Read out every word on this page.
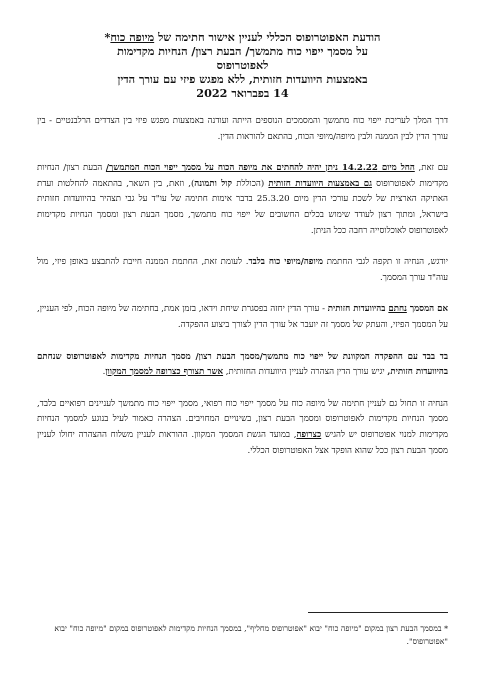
הודעת האפוטרופוס הכללי לעניין אישור חתימה של מיופה כוח*
על מסמך ייפוי כוח מתמשך/ הבעת רצון/ הנחיות מקדימות
לאפוטרופוס
באמצעות היוועדות חזותית, ללא מפגש פיזי עם עורך הדין
14 בפברואר 2022

דרך המלך לעריכת ייפוי כוח מתמשך והמסמכים הנוספים הייתה ועודנה באמצעות מפגש פיזי בין הצדדים הרלבנטיים - בין עורך הדין לבין הממנה ולבין מיופה/מיופי הכוח, בהתאם להוראות הדין.

עם זאת, החל מיום 14.2.22 ניתן יהיה להחתים את מיופה הכוח על מסמך ייפוי הכוח המתמשך/ הבעת רצון/ הנחיות מקדימות לאפוטרופוס גם באמצעות היוועדות חזותית (הכוללת קול ותמונה), וזאת, בין השאר, בהתאמה להחלטות ועדת האתיקה הארצית של לשכת עורכי הדין מיום 25.3.20 בדבר אימות חתימה של עו"ד על גבי תצהיר בהיוועדות חזותית בישראל, ומתוך רצון לעודד שימוש בכלים החשובים של ייפוי כוח מתמשך, מסמך הבעת רצון ומסמך הנחיות מקדימות לאפוטרופוס לאוכלוסייה רחבה ככל הניתן.

יודגש, הנחיה זו תקפה לגבי החתמת מיופה/מיופי כוח בלבד. לעומת זאת, החתמת הממנה חייבת להתבצע באופן פיזי, מול עוה"ד עורך המסמך.

אם המסמך נחתם בהיוועדות חזותית - עורך הדין יחזה בפסגרת שיחת וידאו, בזמן אמת, בחתימה של מיופה הכוח, לפי העניין, על המסמך הפיזי, והעתק של מסמך זה יועבר אל עורך הדין לצורך ביצוע ההפקדה.

בד בבד עם ההפקדה המקוונת של ייפוי כוח מתמשך/מסמך הבעת רצון/ מסמך הנחיות מקדימות לאפוטרופוס שנחתם בהיוועדות חזותית, יגיש עורך הדין הצהרה לעניין היוועדות החזותית, אשר תצורף כצרופה למסמך המקוון.

הנחיה זו תחול גם לעניין חתימה של מיופה כוח על מסמך ייפוי כוח רפואי, מסמך ייפוי כוח מתמשך לעניינים רפואיים בלבד, מסמך הנחיות מקדימות לאפוטרופוס ומסמך הבעת רצון, בשינויים המחויבים. הצהרה כאמור לעיל בנוגע למסמך הנחיות מקדימות למנוי אפוטרופוס יש להגיש כצרופה, במועד הגשת המסמך המקוון. ההוראות לעניין משלוח ההצהרה יחולו לעניין מסמך הבעת רצון ככל שהוא הופקד אצל האפוטרופוס הכללי.

* במסמך הבעת רצון במקום "מיופה כוח" יבוא "אפוטרופוס מחליף", במסמך הנחיות מקדימות לאפוטרופוס במקום "מיופה כוח" יבוא "אפוטרופוס".
